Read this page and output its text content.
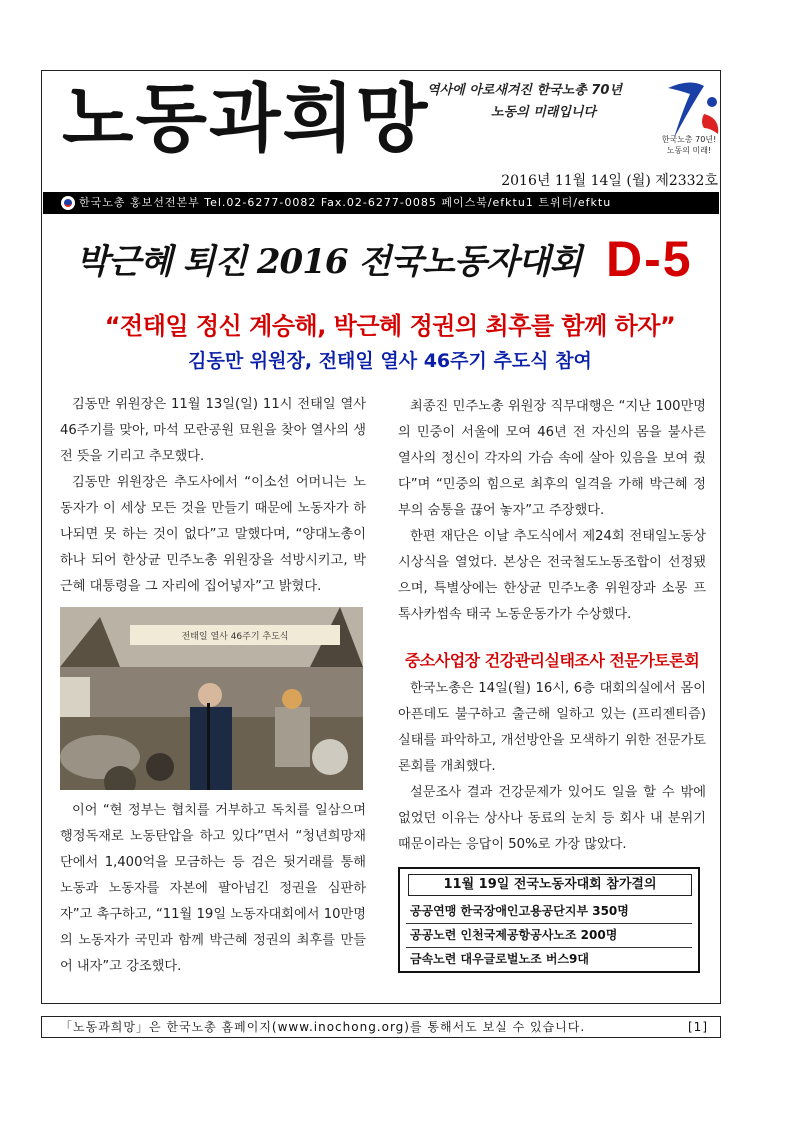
노동과희망
역사에 아로새겨진 한국노총 70년
노동의 미래입니다
한국노총 70년!
노동의 미래!
2016년 11월 14일 (월) 제2332호
한국노총 홍보선전본부 Tel.02-6277-0082 Fax.02-6277-0085 페이스북/efktu1 트위터/efktu
박근혜 퇴진 2016 전국노동자대회 D-5
“전태일 정신 계승해, 박근혜 정권의 최후를 함께 하자”
김동만 위원장, 전태일 열사 46주기 추도식 참여

김동만 위원장은 11월 13일(일) 11시 전태일 열사 46주기를 맞아, 마석 모란공원 묘원을 찾아 열사의 생전 뜻을 기리고 추모했다.

김동만 위원장은 추도사에서 “이소선 어머니는 노동자가 이 세상 모든 것을 만들기 때문에 노동자가 하나되면 못 하는 것이 없다”고 말했다며, “양대노총이 하나 되어 한상균 민주노총 위원장을 석방시키고, 박근혜 대통령을 그 자리에 집어넣자”고 밝혔다.

전태일 열사 46주기 추도식

이어 “현 정부는 협치를 거부하고 독치를 일삼으며 행정독재로 노동탄압을 하고 있다”면서 “청년희망재단에서 1,400억을 모금하는 등 검은 뒷거래를 통해 노동과 노동자를 자본에 팔아넘긴 정권을 심판하자”고 촉구하고, “11월 19일 노동자대회에서 10만명의 노동자가 국민과 함께 박근혜 정권의 최후를 만들어 내자”고 강조했다.

최종진 민주노총 위원장 직무대행은 “지난 100만명의 민중이 서울에 모여 46년 전 자신의 몸을 불사른 열사의 정신이 각자의 가슴 속에 살아 있음을 보여 줬다”며 “민중의 힘으로 최후의 일격을 가해 박근혜 정부의 숨통을 끊어 놓자”고 주장했다.

한편 재단은 이날 추도식에서 제24회 전태일노동상 시상식을 열었다. 본상은 전국철도노동조합이 선정됐으며, 특별상에는 한상균 민주노총 위원장과 소몽 프톡사카썸속 태국 노동운동가가 수상했다.

중소사업장 건강관리실태조사 전문가토론회

한국노총은 14일(월) 16시, 6층 대회의실에서 몸이 아픈데도 불구하고 출근해 일하고 있는 (프리젠티즘) 실태를 파악하고, 개선방안을 모색하기 위한 전문가토론회를 개최했다.

설문조사 결과 건강문제가 있어도 일을 할 수 밖에 없었던 이유는 상사나 동료의 눈치 등 회사 내 분위기 때문이라는 응답이 50%로 가장 많았다.

11월 19일 전국노동자대회 참가결의
공공연맹 한국장애인고용공단지부 350명
공공노련 인천국제공항공사노조 200명
금속노련 대우글로벌노조 버스9대
「노동과희망」은 한국노총 홈페이지(www.inochong.org)를 통해서도 보실 수 있습니다.	[1]
